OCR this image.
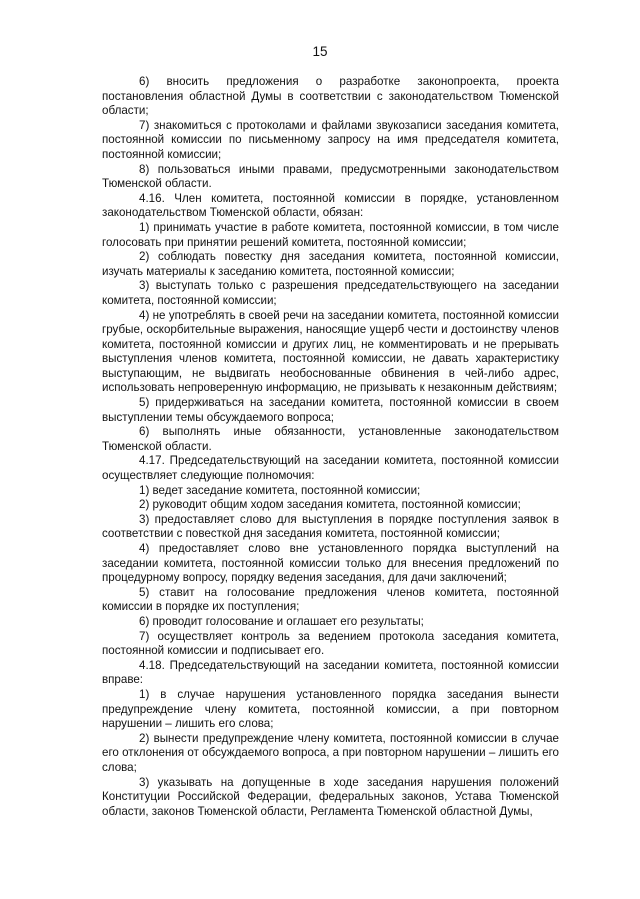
15

6) вносить предложения о разработке законопроекта, проекта постановления областной Думы в соответствии с законодательством Тюменской области;

7) знакомиться с протоколами и файлами звукозаписи заседания комитета, постоянной комиссии по письменному запросу на имя председателя комитета, постоянной комиссии;

8) пользоваться иными правами, предусмотренными законодательством Тюменской области.

4.16. Член комитета, постоянной комиссии в порядке, установленном законодательством Тюменской области, обязан:

1) принимать участие в работе комитета, постоянной комиссии, в том числе голосовать при принятии решений комитета, постоянной комиссии;

2) соблюдать повестку дня заседания комитета, постоянной комиссии, изучать материалы к заседанию комитета, постоянной комиссии;

3) выступать только с разрешения председательствующего на заседании комитета, постоянной комиссии;

4) не употреблять в своей речи на заседании комитета, постоянной комиссии грубые, оскорбительные выражения, наносящие ущерб чести и достоинству членов комитета, постоянной комиссии и других лиц, не комментировать и не прерывать выступления членов комитета, постоянной комиссии, не давать характеристику выступающим, не выдвигать необоснованные обвинения в чей-либо адрес, использовать непроверенную информацию, не призывать к незаконным действиям;

5) придерживаться на заседании комитета, постоянной комиссии в своем выступлении темы обсуждаемого вопроса;

6) выполнять иные обязанности, установленные законодательством Тюменской области.

4.17. Председательствующий на заседании комитета, постоянной комиссии осуществляет следующие полномочия:

1) ведет заседание комитета, постоянной комиссии;

2) руководит общим ходом заседания комитета, постоянной комиссии;

3) предоставляет слово для выступления в порядке поступления заявок в соответствии с повесткой дня заседания комитета, постоянной комиссии;

4) предоставляет слово вне установленного порядка выступлений на заседании комитета, постоянной комиссии только для внесения предложений по процедурному вопросу, порядку ведения заседания, для дачи заключений;

5) ставит на голосование предложения членов комитета, постоянной комиссии в порядке их поступления;

6) проводит голосование и оглашает его результаты;

7) осуществляет контроль за ведением протокола заседания комитета, постоянной комиссии и подписывает его.

4.18. Председательствующий на заседании комитета, постоянной комиссии вправе:

1) в случае нарушения установленного порядка заседания вынести предупреждение члену комитета, постоянной комиссии, а при повторном нарушении – лишить его слова;

2) вынести предупреждение члену комитета, постоянной комиссии в случае его отклонения от обсуждаемого вопроса, а при повторном нарушении – лишить его слова;

3) указывать на допущенные в ходе заседания нарушения положений Конституции Российской Федерации, федеральных законов, Устава Тюменской области, законов Тюменской области, Регламента Тюменской областной Думы,
